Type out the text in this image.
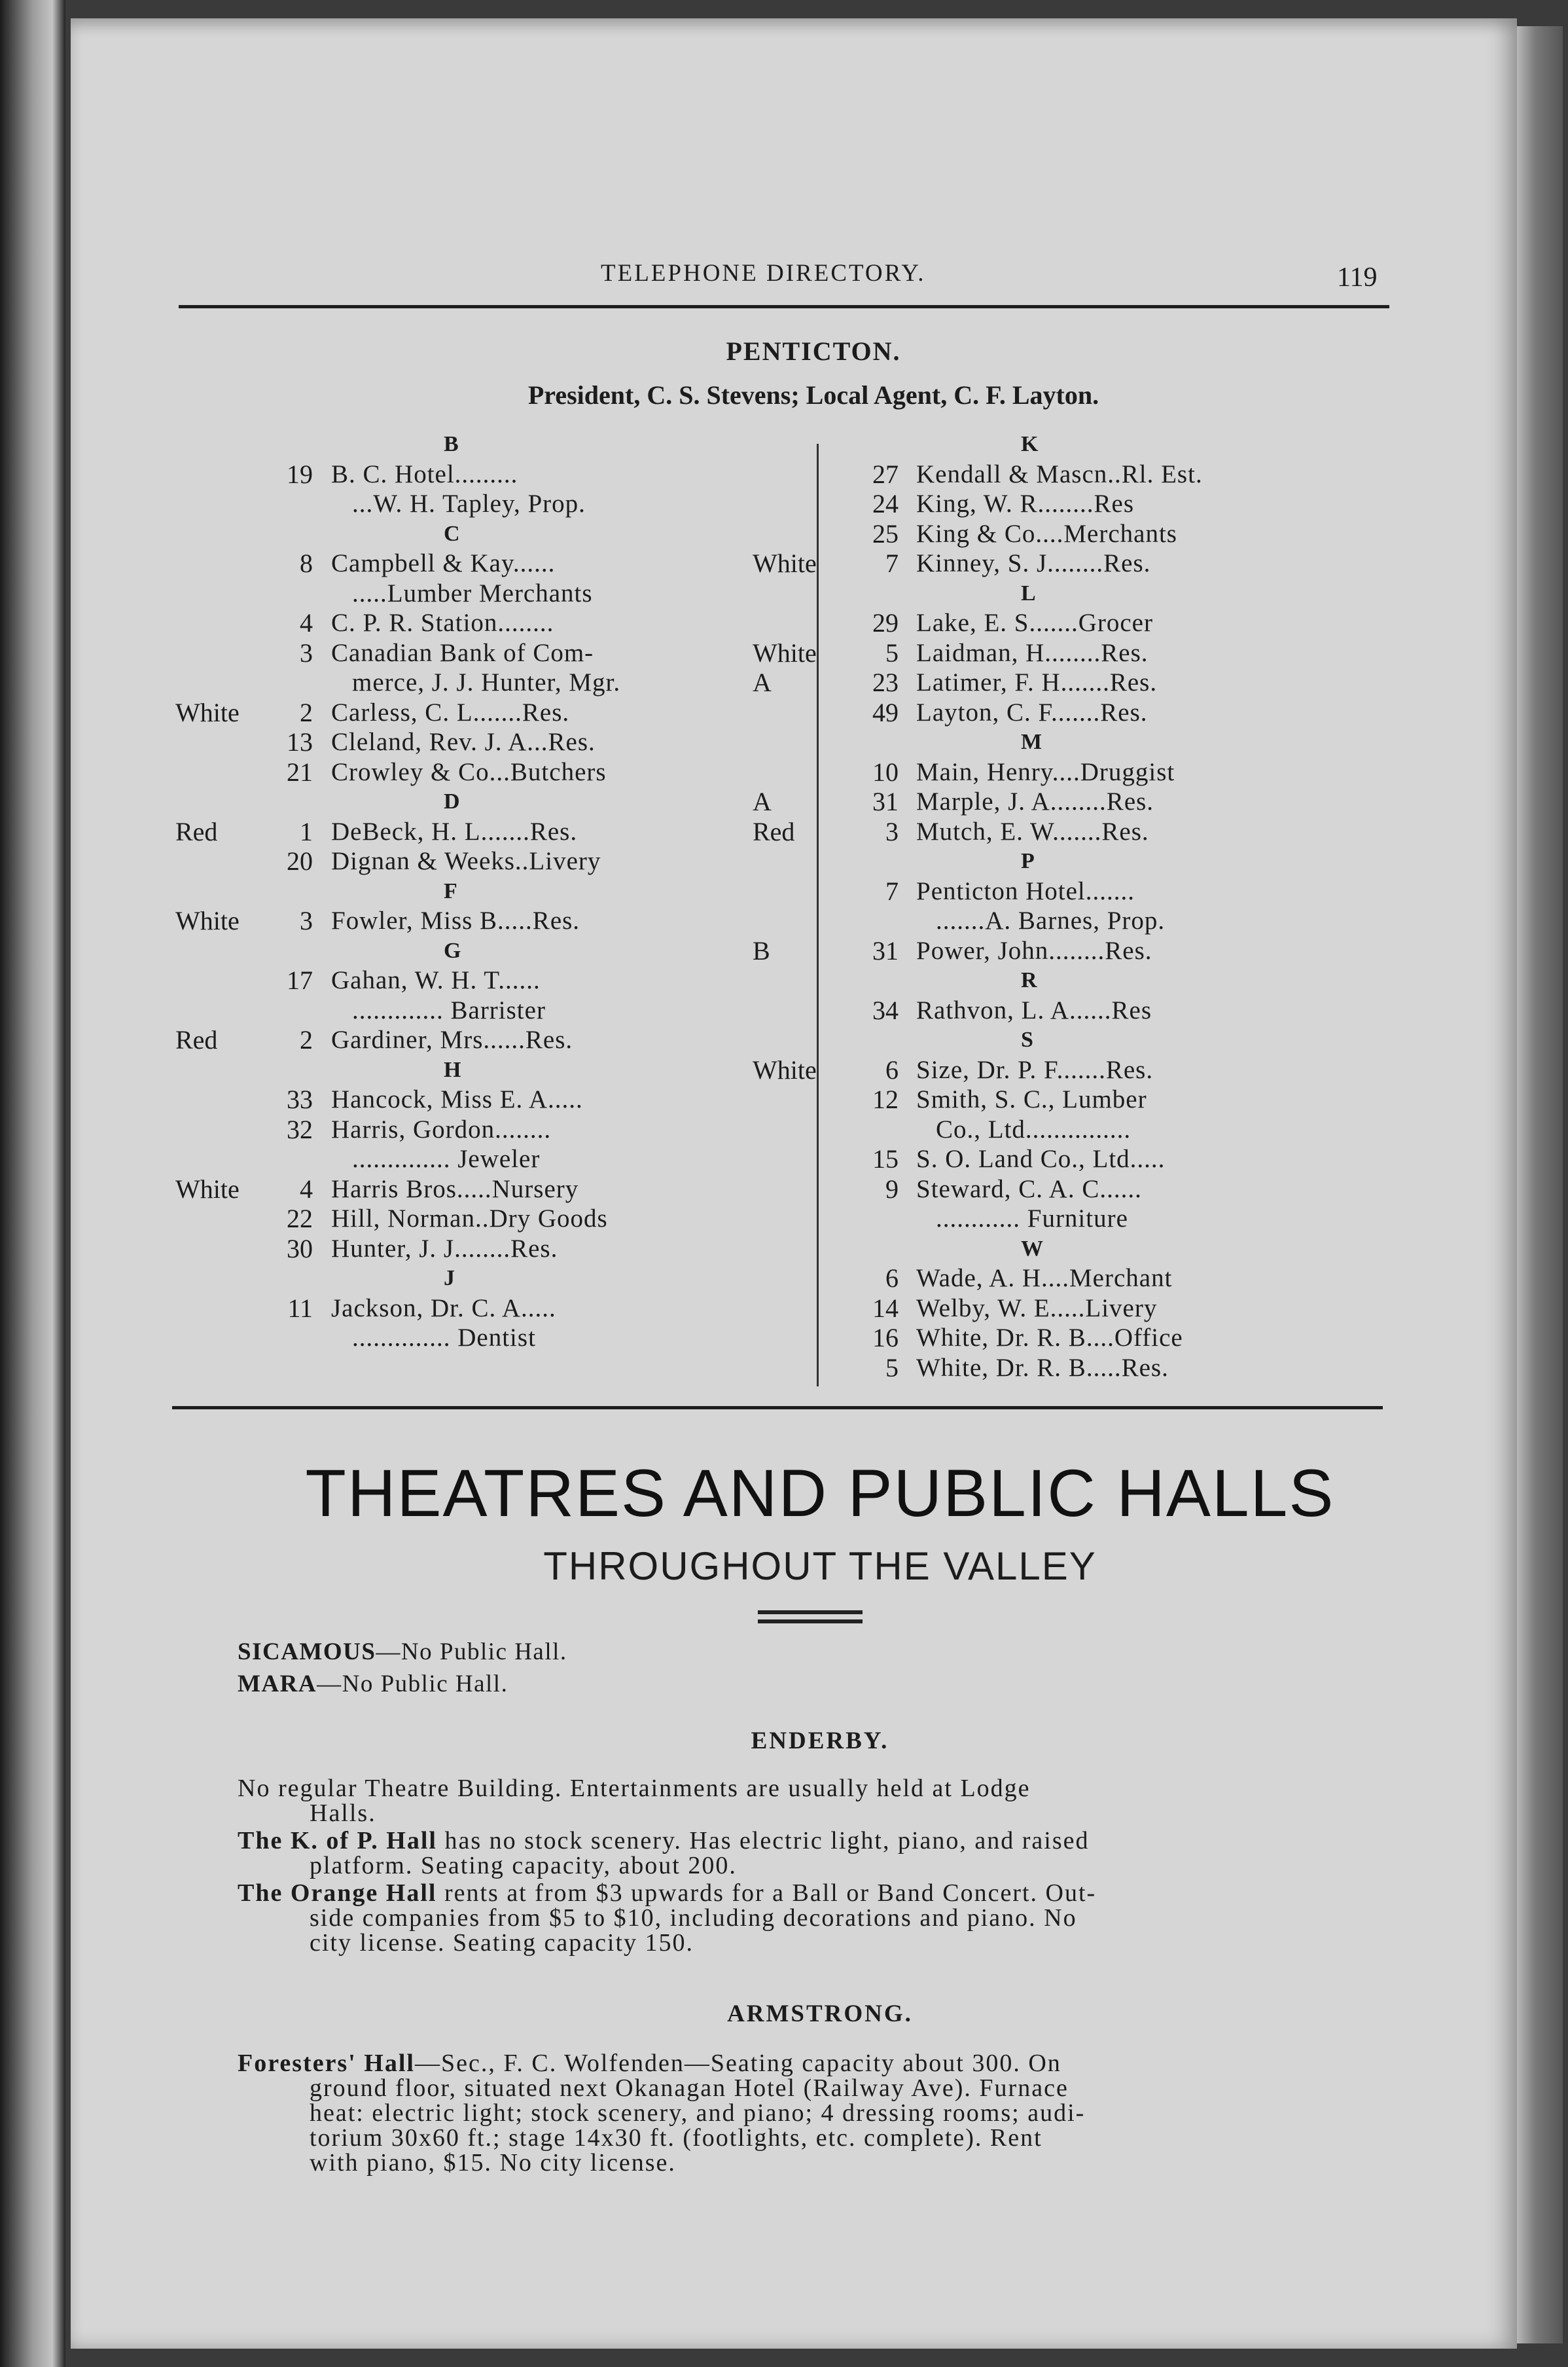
TELEPHONE DIRECTORY.	119
PENTICTON.
President, C. S. Stevens; Local Agent, C. F. Layton.
B
19 B. C. Hotel.........
...W. H. Tapley, Prop.
C
8 Campbell & Kay......
.....Lumber Merchants
4 C. P. R. Station........
3 Canadian Bank of Com-
merce, J. J. Hunter, Mgr.
White	2 Carless, C. L.......Res.
13 Cleland, Rev. J. A...Res.
21 Crowley & Co...Butchers
D
Red	1 DeBeck, H. L.......Res.
20 Dignan & Weeks..Livery
F
White	3 Fowler, Miss B.....Res.
G
17 Gahan, W. H. T......
............. Barrister
Red	2 Gardiner, Mrs......Res.
H
33 Hancock, Miss E. A.....
32 Harris, Gordon........
.............. Jeweler
White	4 Harris Bros.....Nursery
22 Hill, Norman..Dry Goods
30 Hunter, J. J........Res.
J
11 Jackson, Dr. C. A.....
.............. Dentist
K
27 Kendall & Mascn..Rl. Est.
24 King, W. R........Res
25 King & Co....Merchants
White	7 Kinney, S. J........Res.
L
29 Lake, E. S.......Grocer
White	5 Laidman, H........Res.
A	23 Latimer, F. H.......Res.
49 Layton, C. F.......Res.
M
10 Main, Henry....Druggist
A	31 Marple, J. A........Res.
Red	3 Mutch, E. W.......Res.
P
7 Penticton Hotel.......
.......A. Barnes, Prop.
B	31 Power, John........Res.
R
34 Rathvon, L. A......Res
S
White	6 Size, Dr. P. F.......Res.
12 Smith, S. C., Lumber
Co., Ltd...............
15 S. O. Land Co., Ltd.....
9 Steward, C. A. C......
............ Furniture
W
6 Wade, A. H....Merchant
14 Welby, W. E.....Livery
16 White, Dr. R. B....Office
5 White, Dr. R. B.....Res.
THEATRES AND PUBLIC HALLS
THROUGHOUT THE VALLEY
SICAMOUS—No Public Hall.
MARA—No Public Hall.
ENDERBY.
No regular Theatre Building. Entertainments are usually held at Lodge
Halls.
The K. of P. Hall has no stock scenery. Has electric light, piano, and raised
platform. Seating capacity, about 200.
The Orange Hall rents at from $3 upwards for a Ball or Band Concert. Out-
side companies from $5 to $10, including decorations and piano. No
city license. Seating capacity 150.
ARMSTRONG.
Foresters' Hall—Sec., F. C. Wolfenden—Seating capacity about 300. On
ground floor, situated next Okanagan Hotel (Railway Ave). Furnace
heat: electric light; stock scenery, and piano; 4 dressing rooms; audi-
torium 30x60 ft.; stage 14x30 ft. (footlights, etc. complete). Rent
with piano, $15. No city license.
